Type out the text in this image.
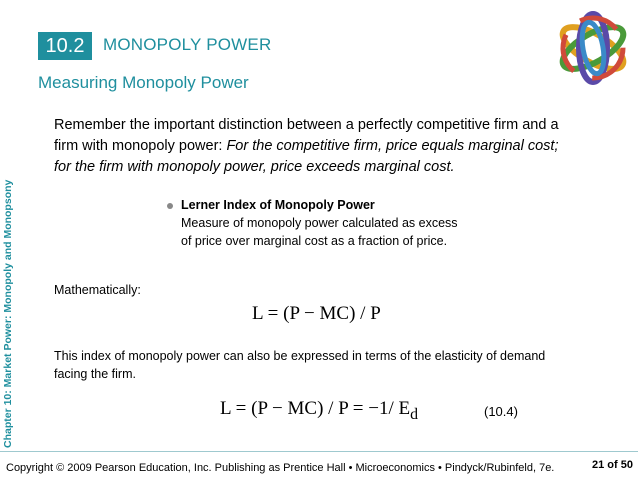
10.2	MONOPOLY POWER
Measuring Monopoly Power
Chapter 10: Market Power: Monopoly and Monopsony
Remember the important distinction between a perfectly competitive firm and a firm with monopoly power: For the competitive firm, price equals marginal cost; for the firm with monopoly power, price exceeds marginal cost.
Lerner Index of Monopoly Power
Measure of monopoly power calculated as excess of price over marginal cost as a fraction of price.
Mathematically:
L = (P − MC) / P
This index of monopoly power can also be expressed in terms of the elasticity of demand facing the firm.
L = (P − MC) / P = −1/ $E_d$	(10.4)
Copyright © 2009 Pearson Education, Inc. Publishing as Prentice Hall • Microeconomics • Pindyck/Rubinfeld, 7e.	21 of 50
